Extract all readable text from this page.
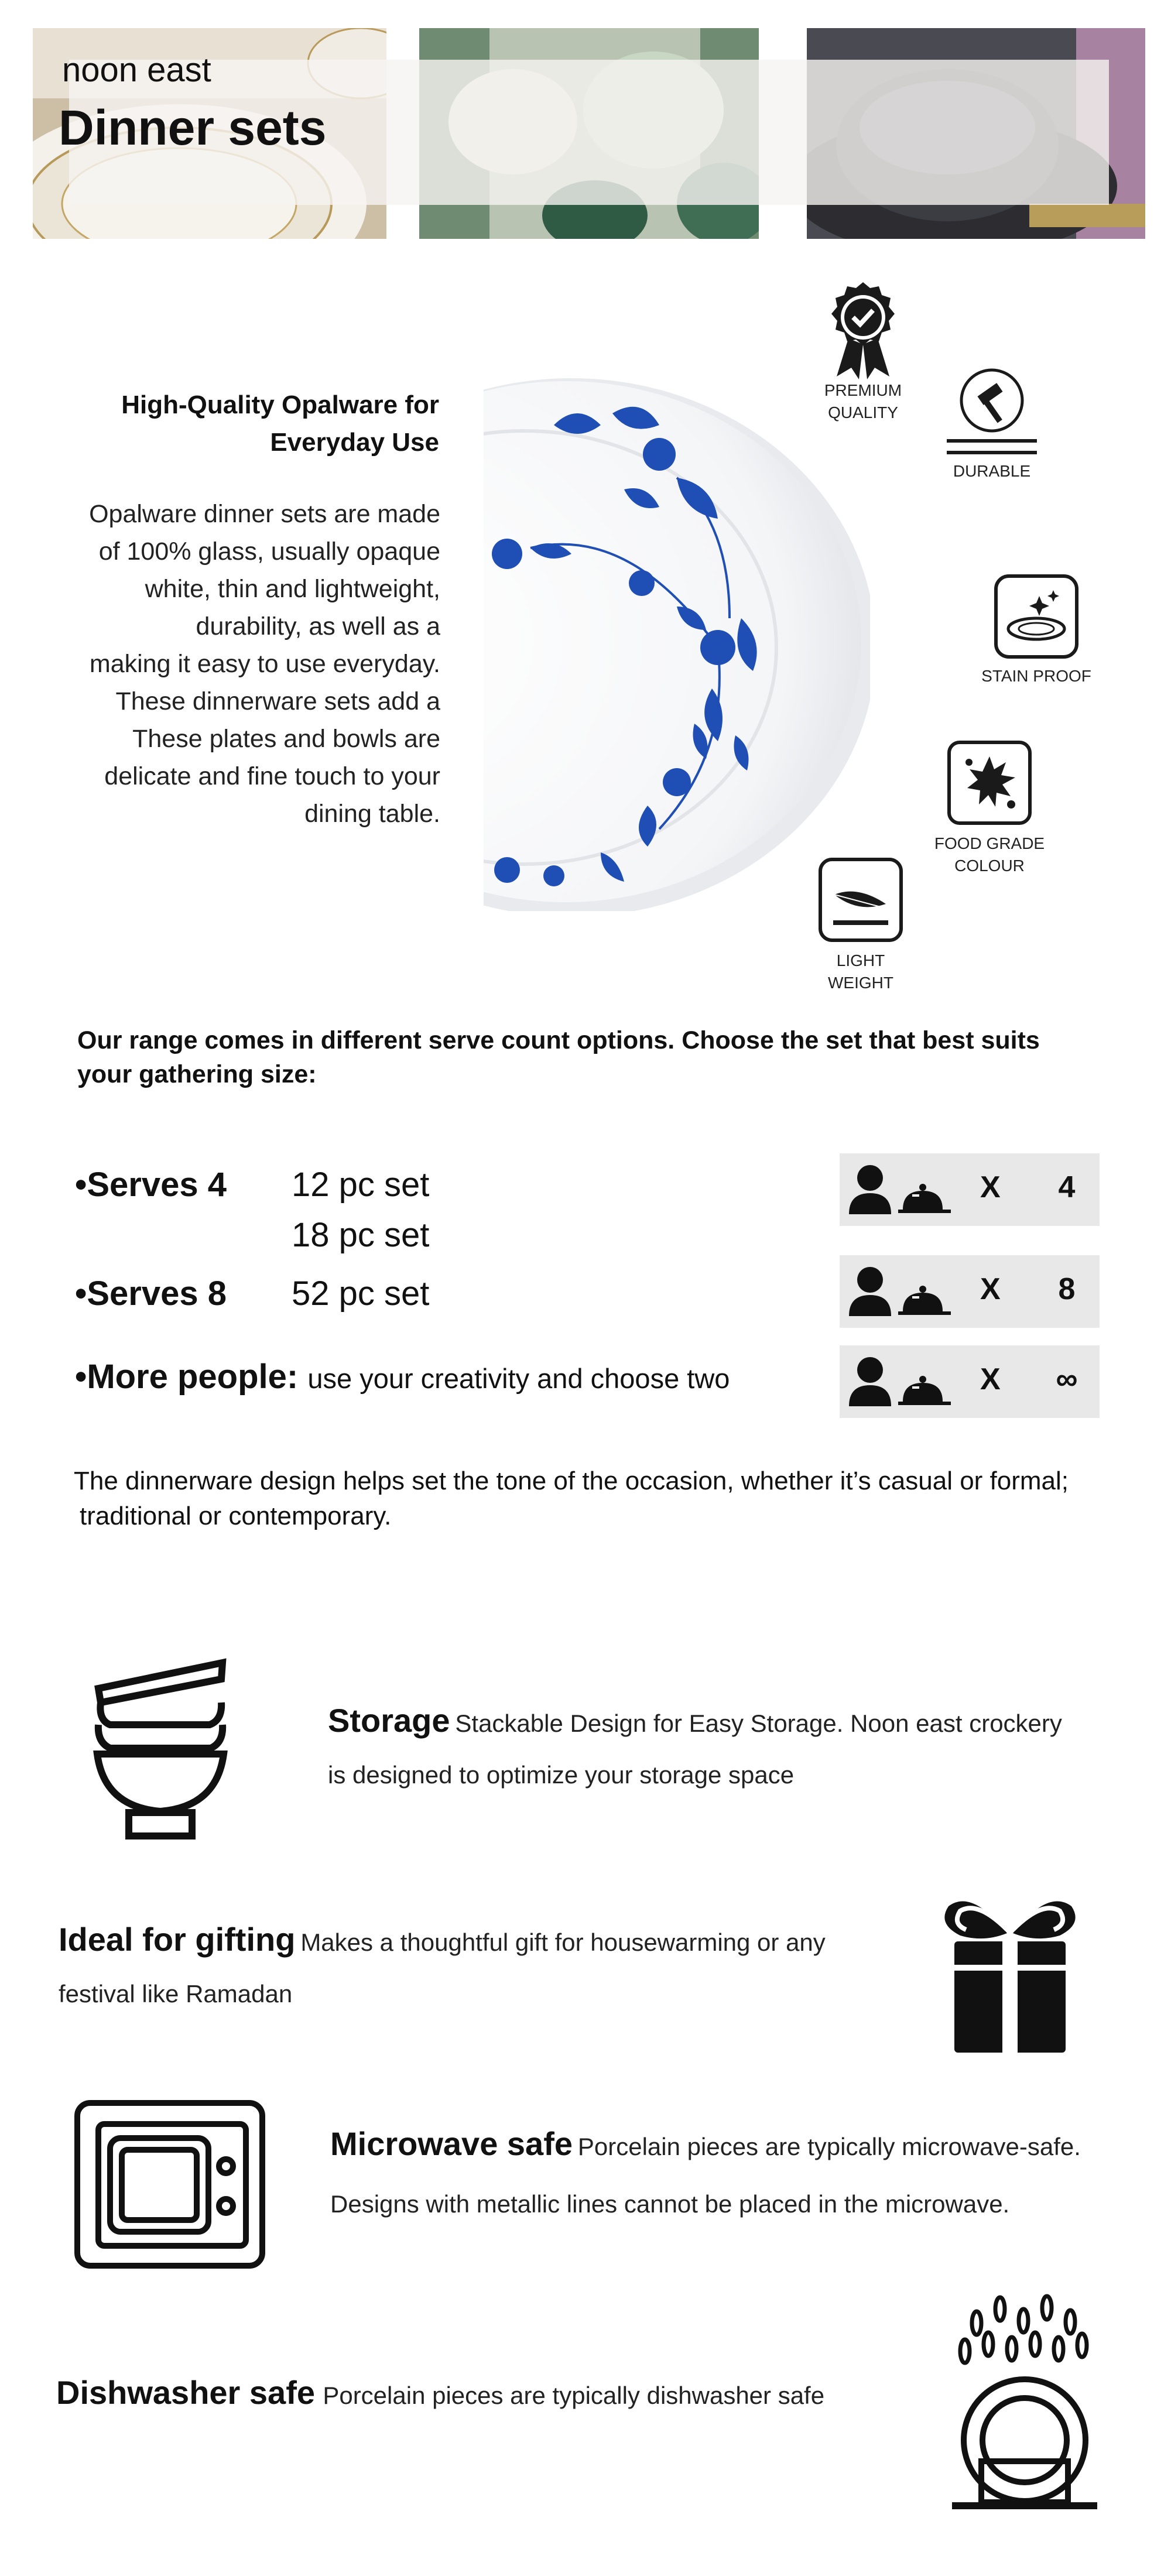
noon east
Dinner sets
High-Quality Opalware for
Everyday Use
Opalware dinner sets are made
of 100% glass, usually opaque
white, thin and lightweight,
durability, as well as a
making it easy to use everyday.
These dinnerware sets add a
These plates and bowls are
delicate and fine touch to your
dining table.
PREMIUM
QUALITY
DURABLE
STAIN PROOF
FOOD GRADE
COLOUR
LIGHT WEIGHT
Our range comes in different serve count options. Choose the set that best suits
your gathering size:
•Serves 4 12 pc set
18 pc set
•Serves 8 52 pc set
•More people: use your creativity and choose two
X 4
X 8
X ∞
The dinnerware design helps set the tone of the occasion, whether it’s casual or formal;
traditional or contemporary.
Storage Stackable Design for Easy Storage. Noon east crockery
is designed to optimize your storage space
Ideal for gifting Makes a thoughtful gift for housewarming or any
festival like Ramadan
Microwave safe Porcelain pieces are typically microwave-safe.
Designs with metallic lines cannot be placed in the microwave.
Dishwasher safe Porcelain pieces are typically dishwasher safe
